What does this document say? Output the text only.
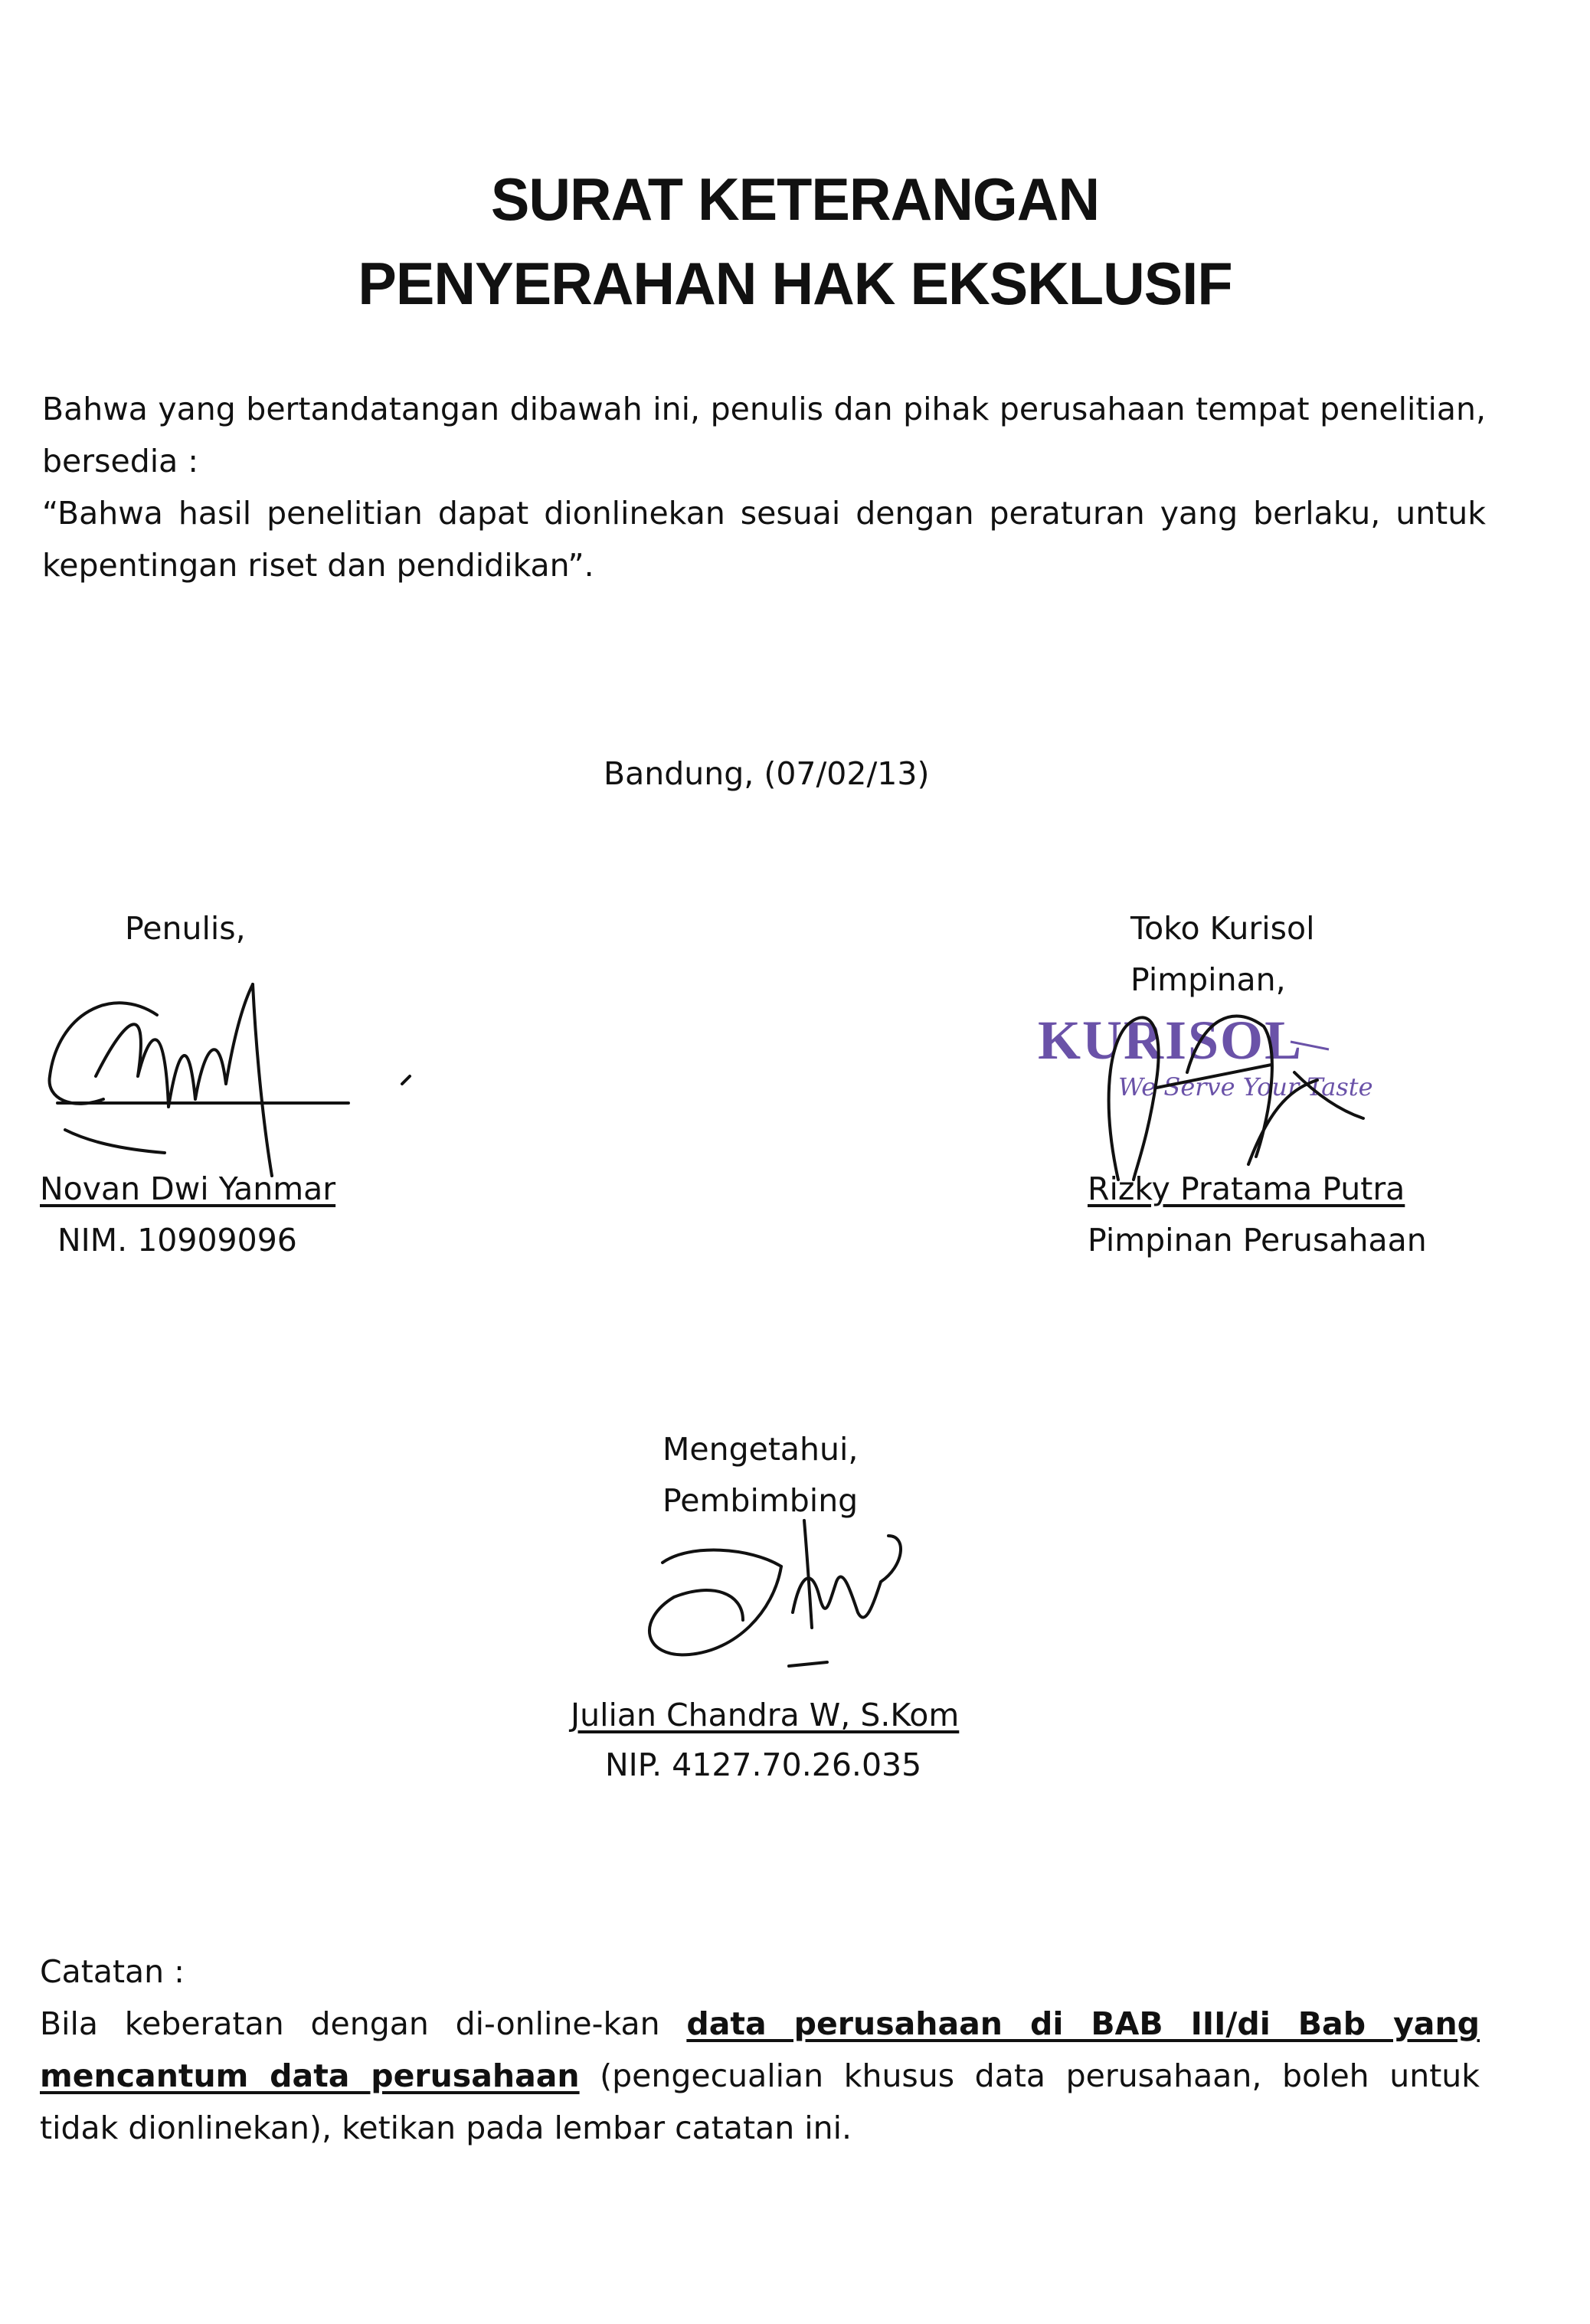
SURAT KETERANGAN
PENYERAHAN HAK EKSKLUSIF

Bahwa yang bertandatangan dibawah ini, penulis dan pihak perusahaan tempat penelitian,

bersedia :

“Bahwa hasil penelitian dapat dionlinekan sesuai dengan peraturan yang berlaku, untuk

kepentingan riset dan pendidikan”.

Bandung, (07/02/13)
Penulis,
Novan Dwi Yanmar
NIM. 10909096
Toko Kurisol
Pimpinan,
KURISOL
We Serve Your Taste
Rizky Pratama Putra
Pimpinan Perusahaan
Mengetahui,
Pembimbing
Julian Chandra W, S.Kom
NIP. 4127.70.26.035
Catatan :

Bila keberatan dengan di-online-kan data perusahaan di BAB III/di Bab yang mencantum data perusahaan (pengecualian khusus data perusahaan, boleh untuk tidak dionlinekan), ketikan pada lembar catatan ini.
